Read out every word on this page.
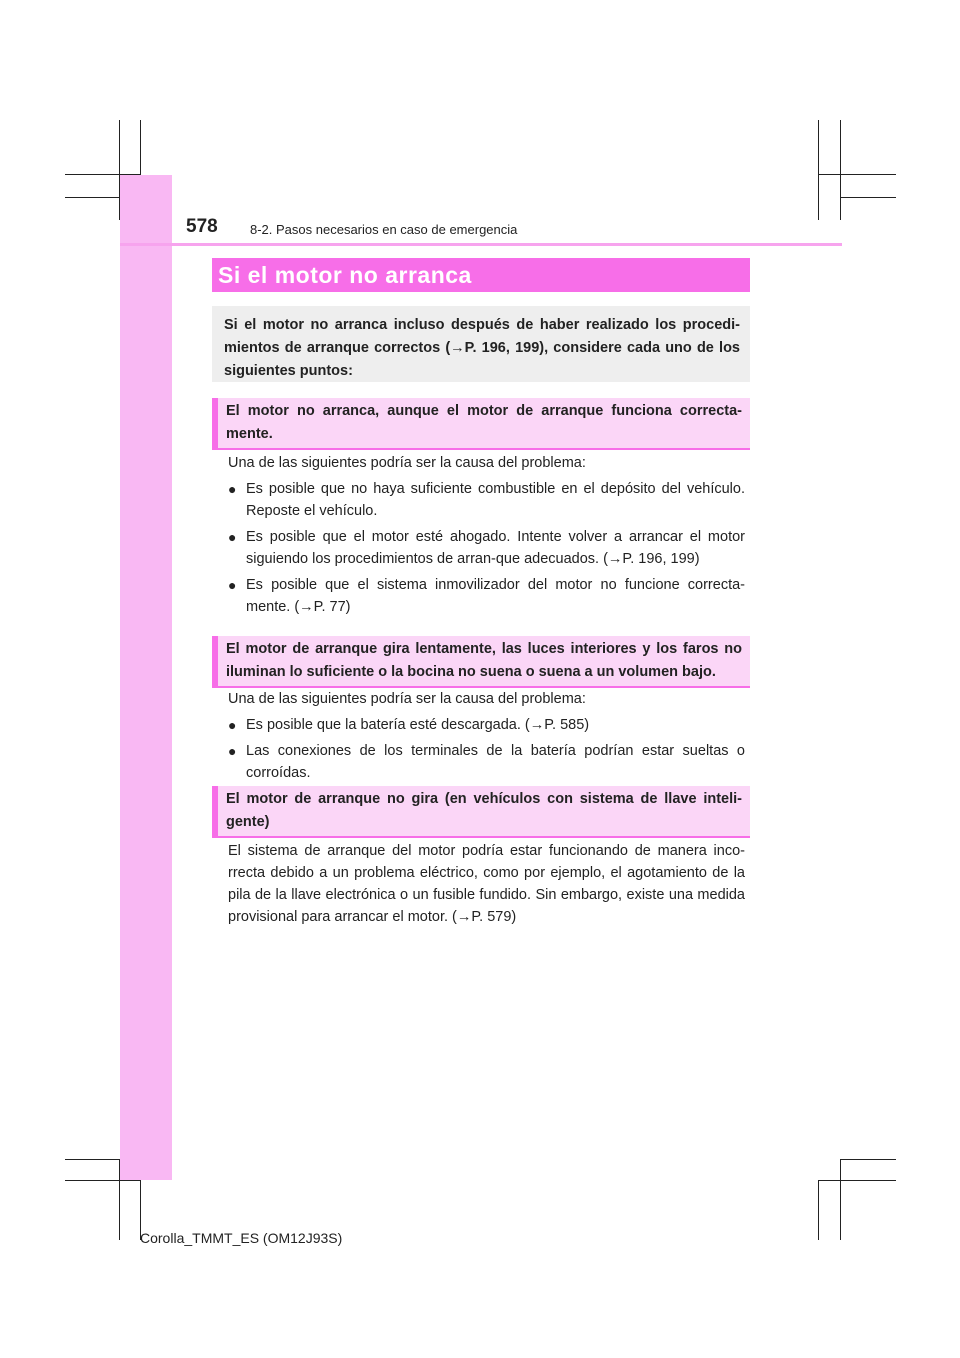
578 8-2. Pasos necesarios en caso de emergencia
Si el motor no arranca
Si el motor no arranca incluso después de haber realizado los procedi-mientos de arranque correctos (→P. 196, 199), considere cada uno de los siguientes puntos:
El motor no arranca, aunque el motor de arranque funciona correcta-mente.

Una de las siguientes podría ser la causa del problema:

● Es posible que no haya suficiente combustible en el depósito del vehículo. Reposte el vehículo.
● Es posible que el motor esté ahogado. Intente volver a arrancar el motor siguiendo los procedimientos de arran-que adecuados. (→P. 196, 199)
● Es posible que el sistema inmovilizador del motor no funcione correcta-mente. (→P. 77)
El motor de arranque gira lentamente, las luces interiores y los faros no iluminan lo suficiente o la bocina no suena o suena a un volumen bajo.

Una de las siguientes podría ser la causa del problema:

● Es posible que la batería esté descargada. (→P. 585)
● Las conexiones de los terminales de la batería podrían estar sueltas o corroídas.
El motor de arranque no gira (en vehículos con sistema de llave inteli-gente)
El sistema de arranque del motor podría estar funcionando de manera inco-rrecta debido a un problema eléctrico, como por ejemplo, el agotamiento de la pila de la llave electrónica o un fusible fundido. Sin embargo, existe una medida provisional para arrancar el motor. (→P. 579)
Corolla_TMMT_ES (OM12J93S)
